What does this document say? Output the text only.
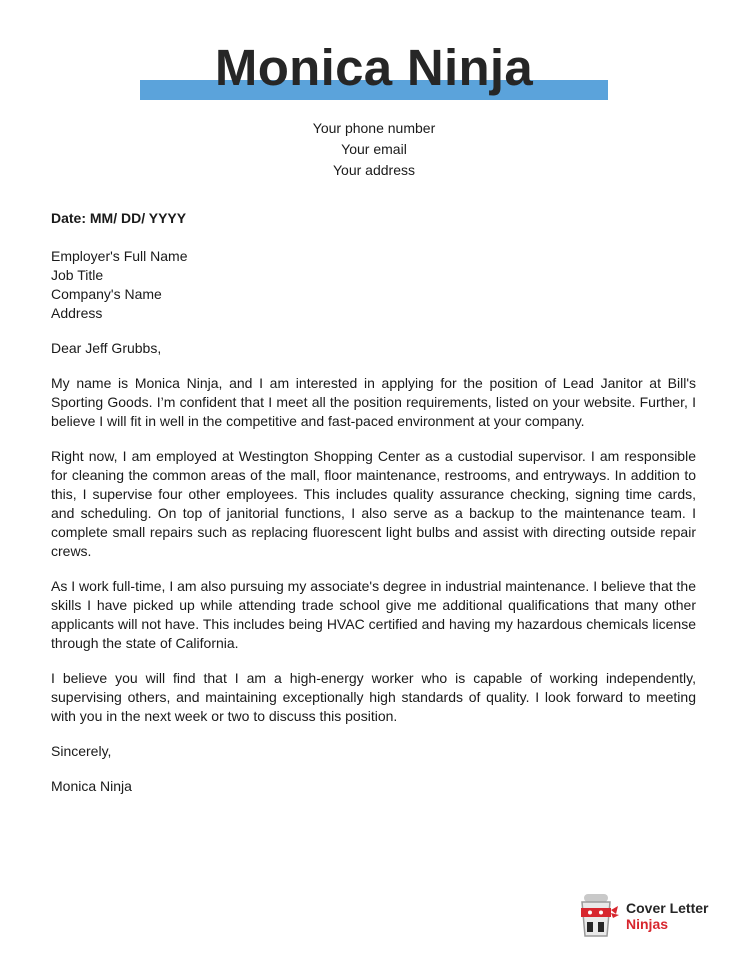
Monica Ninja
Your phone number
Your email
Your address
Date: MM/ DD/ YYYY
Employer's Full Name
Job Title
Company's Name
Address
Dear Jeff Grubbs,
My name is Monica Ninja, and I am interested in applying for the position of Lead Janitor at Bill's Sporting Goods. I’m confident that I meet all the position requirements, listed on your website. Further, I believe I will fit in well in the competitive and fast-paced environment at your company.
Right now, I am employed at Westington Shopping Center as a custodial supervisor. I am responsible for cleaning the common areas of the mall, floor maintenance, restrooms, and entryways. In addition to this, I supervise four other employees. This includes quality assurance checking, signing time cards, and scheduling. On top of janitorial functions, I also serve as a backup to the maintenance team. I complete small repairs such as replacing fluorescent light bulbs and assist with directing outside repair crews.
As I work full-time, I am also pursuing my associate's degree in industrial maintenance. I believe that the skills I have picked up while attending trade school give me additional qualifications that many other applicants will not have. This includes being HVAC certified and having my hazardous chemicals license through the state of California.
I believe you will find that I am a high-energy worker who is capable of working independently, supervising others, and maintaining exceptionally high standards of quality. I look forward to meeting with you in the next week or two to discuss this position.
Sincerely,
Monica Ninja
Cover Letter
Ninjas
